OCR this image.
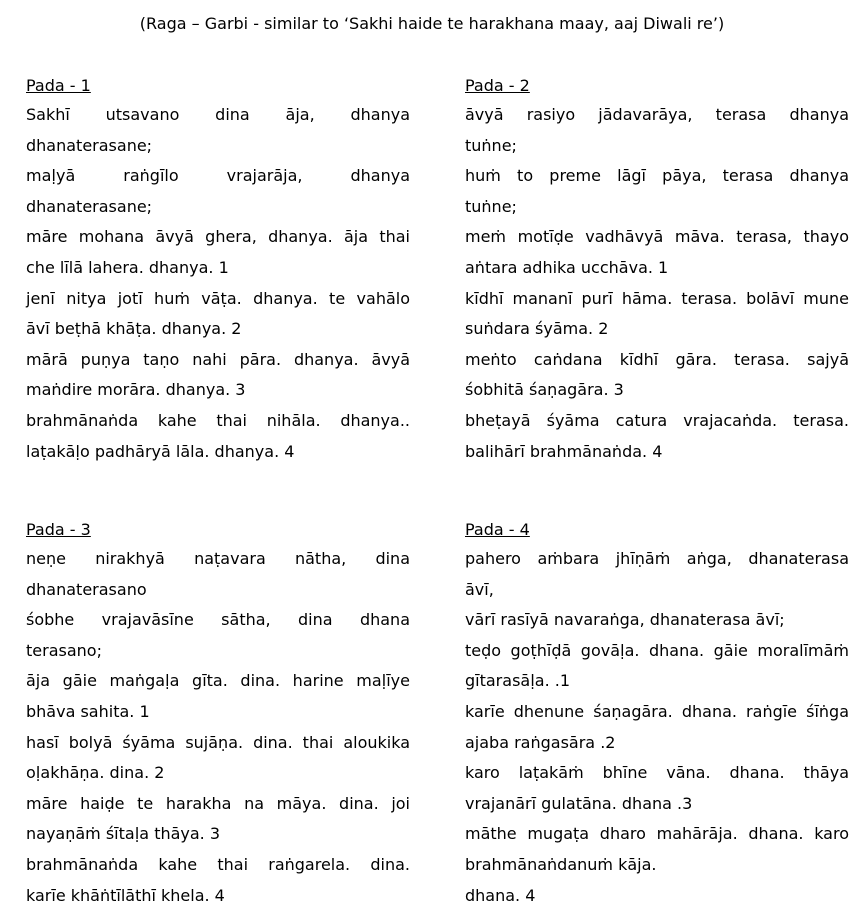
(Raga – Garbi - similar to ‘Sakhi haide te harakhana maay, aaj Diwali re’)
Pada - 1
Sakhī utsavano dina āja, dhanya
dhanaterasane;
maḷyā raṅgīlo vrajarāja, dhanya
dhanaterasane;
māre mohana āvyā ghera, dhanya. āja thai
che līlā lahera. dhanya. 1
jenī nitya jotī huṁ vāṭa. dhanya. te vahālo
āvī beṭhā khāṭa. dhanya. 2
mārā puṇya taṇo nahi pāra. dhanya. āvyā
maṅdire morāra. dhanya. 3
brahmānaṅda kahe thai nihāla. dhanya..
laṭakāḷo padhāryā lāla. dhanya. 4
Pada - 2
āvyā rasiyo jādavarāya, terasa dhanya
tuṅne;
huṁ to preme lāgī pāya, terasa dhanya
tuṅne;
meṁ motīḍe vadhāvyā māva. terasa, thayo
aṅtara adhika ucchāva. 1
kīdhī mananī purī hāma. terasa. bolāvī mune
suṅdara śyāma. 2
meṅto caṅdana kīdhī gāra. terasa. sajyā
śobhitā śaṇagāra. 3
bheṭayā śyāma catura vrajacaṅda. terasa.
balihārī brahmānaṅda. 4
Pada - 3
neṇe nirakhyā naṭavara nātha, dina
dhanaterasano
śobhe vrajavāsīne sātha, dina dhana
terasano;
āja gāie maṅgaḷa gīta. dina. harine maḷīye
bhāva sahita. 1
hasī bolyā śyāma sujāṇa. dina. thai aloukika
oḷakhāṇa. dina. 2
māre haiḍe te harakha na māya. dina. joi
nayaṇāṁ śītaḷa thāya. 3
brahmānaṅda kahe thai raṅgarela. dina.
karīe khāṅtīlāthī khela. 4
Pada - 4
pahero aṁbara jhīṇāṁ aṅga, dhanaterasa
āvī,
vārī rasīyā navaraṅga, dhanaterasa āvī;
teḍo goṭhīḍā govāḷa. dhana. gāie moralīmāṁ
gītarasāḷa. .1
karīe dhenune śaṇagāra. dhana. raṅgīe śīṅga
ajaba raṅgasāra .2
karo laṭakāṁ bhīne vāna. dhana. thāya
vrajanārī gulatāna. dhana .3
māthe mugaṭa dharo mahārāja. dhana. karo
brahmānaṅdanuṁ kāja.
dhana. 4
